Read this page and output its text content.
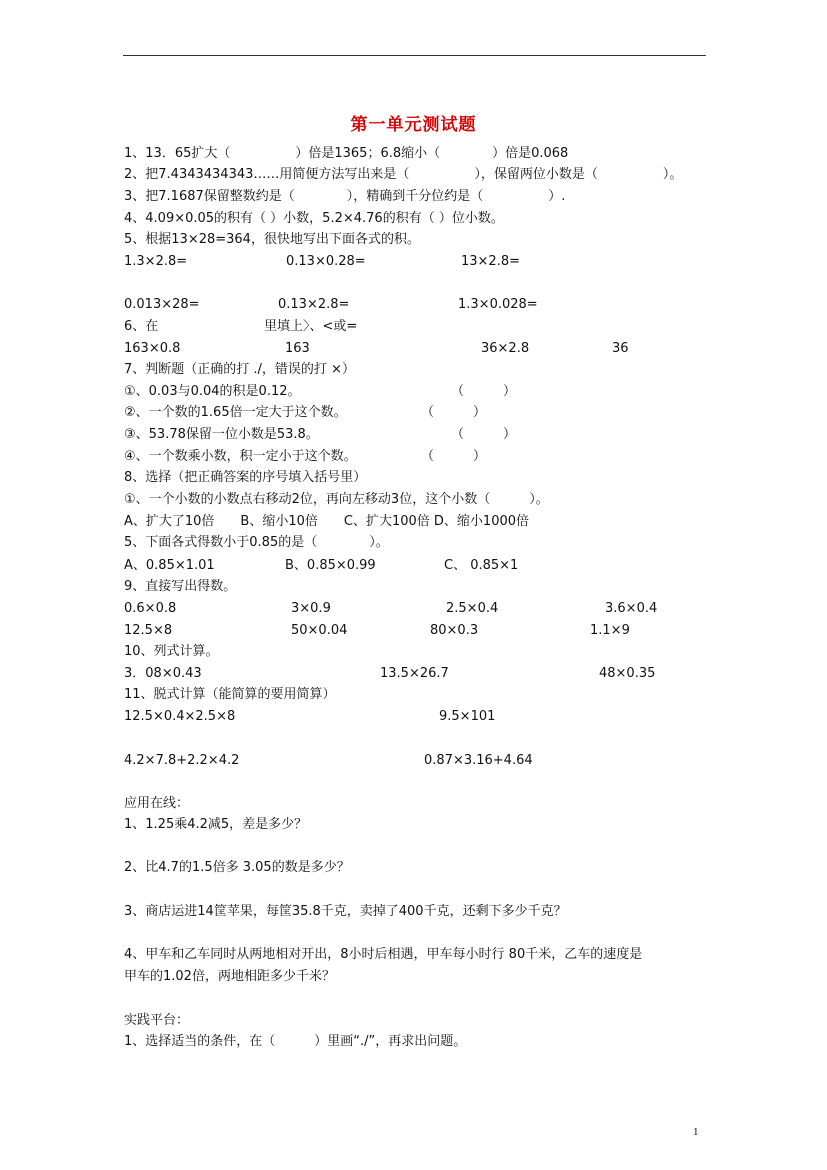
第一单元测试题
1、13．65扩大（　　　　　）倍是1365；6.8缩小（　　　　）倍是0.068
2、把7.4343434343……用简便方法写出来是（　　　　　），保留两位小数是（　　　　　）。
3、把7.1687保留整数约是（　　　　），精确到千分位约是（　　　　　）.
4、4.09×0.05的积有（ ）小数，5.2×4.76的积有（ ）位小数。
5、根据13×28=364，很快地写出下面各式的积。
1.3×2.8=	0.13×0.28=	13×2.8=
0.013×28=	0.13×2.8=	1.3×0.028=
6、在	里填上〉、<或=
163×0.8	163	36×2.8	36
7、判断题（正确的打 ./，错误的打 ×）
①、0.03与0.04的积是0.12。	（　　　）
②、一个数的1.65倍一定大于这个数。	（　　　）
③、53.78保留一位小数是53.8。	（　　　）
④、一个数乘小数，积一定小于这个数。	（　　　）
8、选择（把正确答案的序号填入括号里）
①、一个小数的小数点右移动2位，再向左移动3位，这个小数（　　　）。
A、扩大了10倍　　B、缩小10倍　　C、扩大100倍 D、缩小1000倍
5、下面各式得数小于0.85的是（　　　　）。
A、0.85×1.01	B、0.85×0.99	C、 0.85×1
9、直接写出得数。
0.6×0.8	3×0.9	2.5×0.4	3.6×0.4
12.5×8	50×0.04	80×0.3	1.1×9
10、列式计算。
3．08×0.43	13.5×26.7	48×0.35
11、脱式计算（能简算的要用简算）
12.5×0.4×2.5×8	9.5×101
4.2×7.8+2.2×4.2	0.87×3.16+4.64
应用在线：
1、1.25乘4.2减5，差是多少？
2、比4.7的1.5倍多 3.05的数是多少？
3、商店运进14筐苹果，每筐35.8千克，卖掉了400千克，还剩下多少千克？
4、甲车和乙车同时从两地相对开出，8小时后相遇，甲车每小时行 80千米，乙车的速度是
甲车的1.02倍，两地相距多少千米？
实践平台：
1、选择适当的条件，在（　　　）里画“./”，再求出问题。
1
